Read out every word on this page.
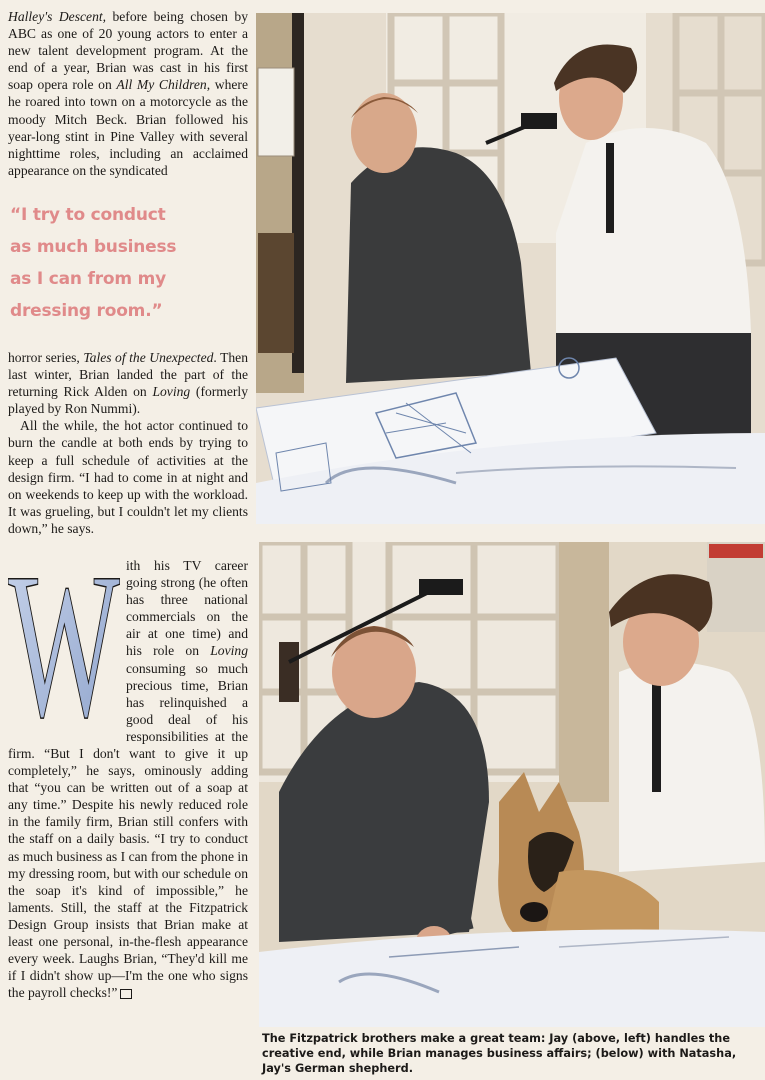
Halley's Descent, before being chosen by ABC as one of 20 young actors to enter a new talent development program. At the end of a year, Brian was cast in his first soap opera role on All My Children, where he roared into town on a motorcycle as the moody Mitch Beck. Brian followed his year-long stint in Pine Valley with several nighttime roles, including an acclaimed appearance on the syndicated

“I try to conduct
as much business
as I can from my
dressing room.”

horror series, Tales of the Unexpected. Then last winter, Brian landed the part of the returning Rick Alden on Loving (formerly played by Ron Nummi).

All the while, the hot actor continued to burn the candle at both ends by trying to keep a full schedule of activities at the design firm. “I had to come in at night and on weekends to keep up with the workload. It was grueling, but I couldn't let my clients down,” he says.

W ith his TV career going strong (he often has three national commercials on the air at one time) and his role on Loving consuming so much precious time, Brian has relinquished a good deal of his responsibilities at the firm. “But I don't want to give it up completely,” he says, ominously adding that “you can be written out of a soap at any time.” Despite his newly reduced role in the family firm, Brian still confers with the staff on a daily basis. “I try to conduct as much business as I can from the phone in my dressing room, but with our schedule on the soap it's kind of impossible,” he laments. Still, the staff at the Fitzpatrick Design Group insists that Brian make at least one personal, in-the-flesh appearance every week. Laughs Brian, “They'd kill me if I didn't show up—I'm the one who signs the payroll checks!”

The Fitzpatrick brothers make a great team: Jay (above, left) handles the creative end, while Brian manages business affairs; (below) with Natasha, Jay's German shepherd.
